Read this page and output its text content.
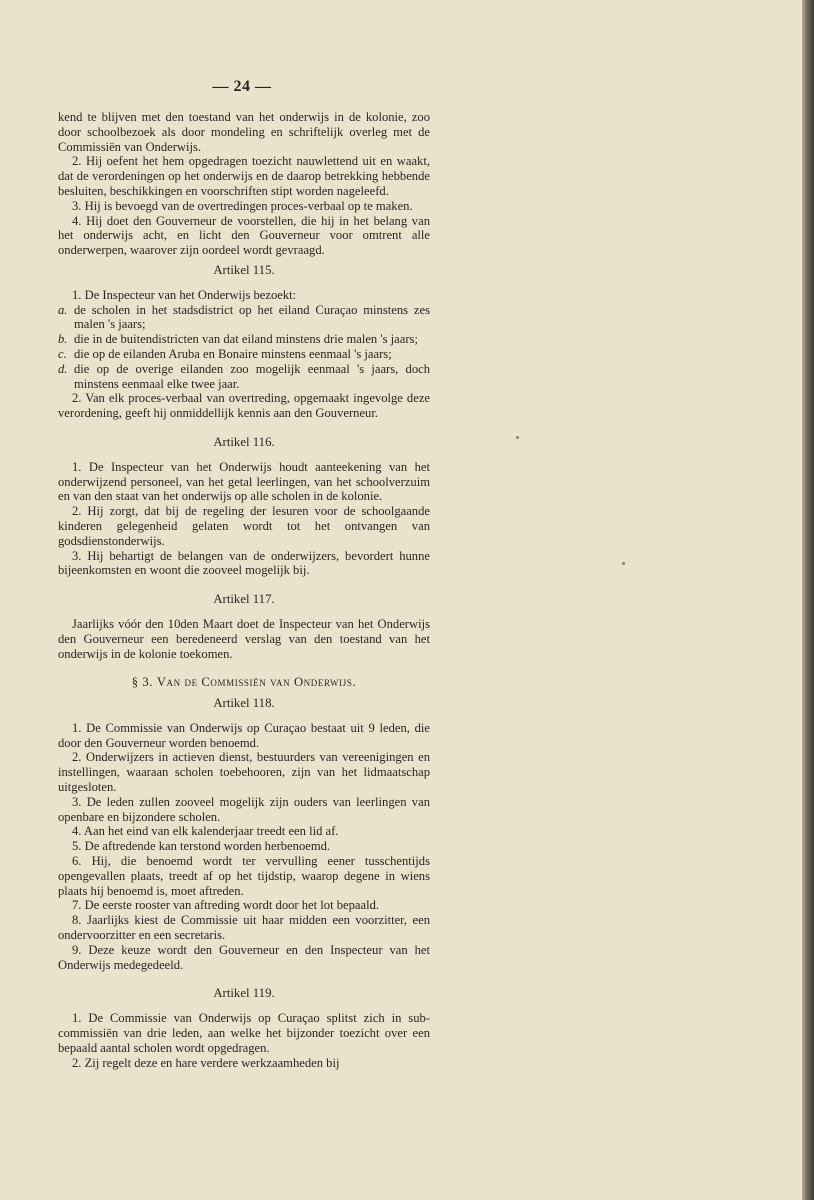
— 24 —

kend te blijven met den toestand van het onderwijs in de kolonie, zoo door schoolbezoek als door mondeling en schriftelijk overleg met de Commissiën van Onderwijs.

2. Hij oefent het hem opgedragen toezicht nauwlettend uit en waakt, dat de verordeningen op het onderwijs en de daarop betrekking hebbende besluiten, beschikkingen en voorschriften stipt worden nageleefd.

3. Hij is bevoegd van de overtredingen proces-verbaal op te maken.

4. Hij doet den Gouverneur de voorstellen, die hij in het belang van het onderwijs acht, en licht den Gouverneur voor omtrent alle onderwerpen, waarover zijn oordeel wordt gevraagd.

Artikel 115.

1. De Inspecteur van het Onderwijs bezoekt:

a. de scholen in het stadsdistrict op het eiland Curaçao minstens zes malen 's jaars;

b. die in de buitendistricten van dat eiland minstens drie malen 's jaars;

c. die op de eilanden Aruba en Bonaire minstens eenmaal 's jaars;

d. die op de overige eilanden zoo mogelijk eenmaal 's jaars, doch minstens eenmaal elke twee jaar.

2. Van elk proces-verbaal van overtreding, opgemaakt ingevolge deze verordening, geeft hij onmiddellijk kennis aan den Gouverneur.

Artikel 116.

1. De Inspecteur van het Onderwijs houdt aanteekening van het onderwijzend personeel, van het getal leerlingen, van het schoolverzuim en van den staat van het onderwijs op alle scholen in de kolonie.

2. Hij zorgt, dat bij de regeling der lesuren voor de schoolgaande kinderen gelegenheid gelaten wordt tot het ontvangen van godsdienstonderwijs.

3. Hij behartigt de belangen van de onderwijzers, bevordert hunne bijeenkomsten en woont die zooveel mogelijk bij.

Artikel 117.

Jaarlijks vóór den 10den Maart doet de Inspecteur van het Onderwijs den Gouverneur een beredeneerd verslag van den toestand van het onderwijs in de kolonie toekomen.

§ 3. Van de Commissiën van Onderwijs.
Artikel 118.

1. De Commissie van Onderwijs op Curaçao bestaat uit 9 leden, die door den Gouverneur worden benoemd.

2. Onderwijzers in actieven dienst, bestuurders van vereenigingen en instellingen, waaraan scholen toebehooren, zijn van het lidmaatschap uitgesloten.

3. De leden zullen zooveel mogelijk zijn ouders van leerlingen van openbare en bijzondere scholen.

4. Aan het eind van elk kalenderjaar treedt een lid af.

5. De aftredende kan terstond worden herbenoemd.

6. Hij, die benoemd wordt ter vervulling eener tusschentijds opengevallen plaats, treedt af op het tijdstip, waarop degene in wiens plaats hij benoemd is, moet aftreden.

7. De eerste rooster van aftreding wordt door het lot bepaald.

8. Jaarlijks kiest de Commissie uit haar midden een voorzitter, een ondervoorzitter en een secretaris.

9. Deze keuze wordt den Gouverneur en den Inspecteur van het Onderwijs medegedeeld.

Artikel 119.

1. De Commissie van Onderwijs op Curaçao splitst zich in sub-commissiën van drie leden, aan welke het bijzonder toezicht over een bepaald aantal scholen wordt opgedragen.

2. Zij regelt deze en hare verdere werkzaamheden bij
